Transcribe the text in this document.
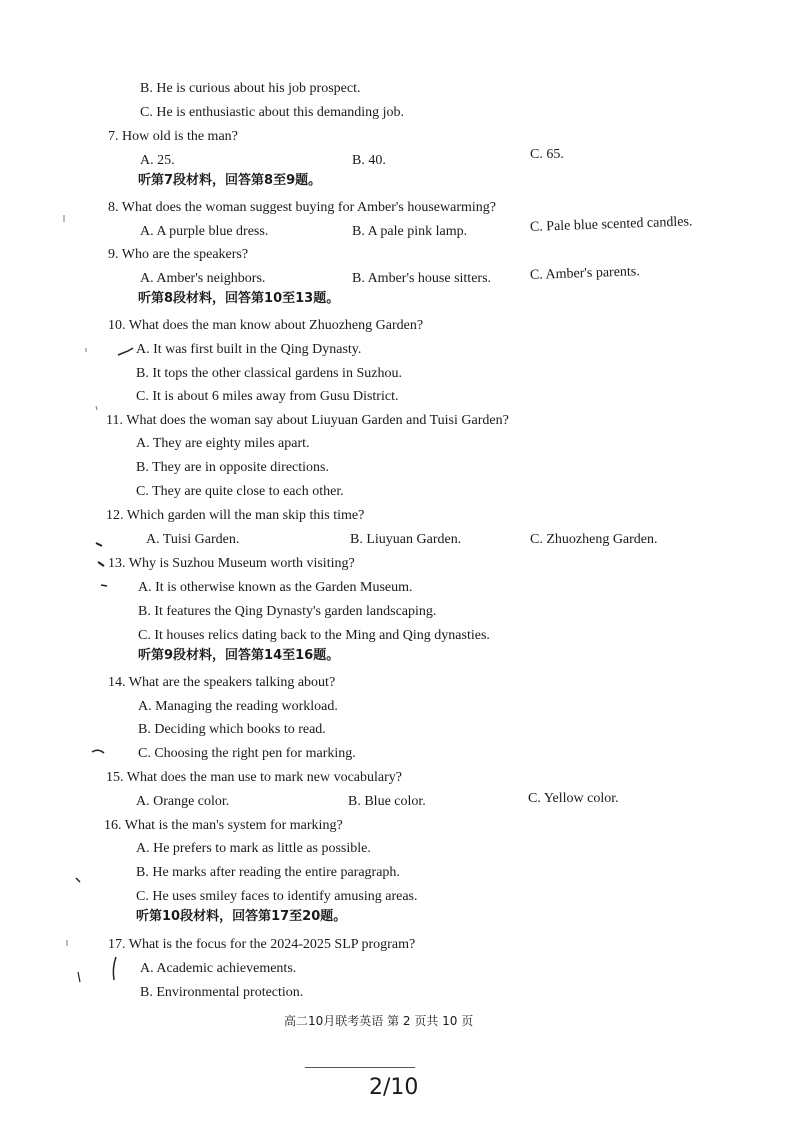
B. He is curious about his job prospect.
C. He is enthusiastic about this demanding job.
7. How old is the man?
A. 25.	B. 40.	C. 65.
听第7段材料，回答第8至9题。
8. What does the woman suggest buying for Amber's housewarming?
A. A purple blue dress.	B. A pale pink lamp.	C. Pale blue scented candles.
9. Who are the speakers?
A. Amber's neighbors.	B. Amber's house sitters.	C. Amber's parents.
听第8段材料，回答第10至13题。
10. What does the man know about Zhuozheng Garden?
A. It was first built in the Qing Dynasty.
B. It tops the other classical gardens in Suzhou.
C. It is about 6 miles away from Gusu District.
11. What does the woman say about Liuyuan Garden and Tuisi Garden?
A. They are eighty miles apart.
B. They are in opposite directions.
C. They are quite close to each other.
12. Which garden will the man skip this time?
A. Tuisi Garden.	B. Liuyuan Garden.	C. Zhuozheng Garden.
13. Why is Suzhou Museum worth visiting?
A. It is otherwise known as the Garden Museum.
B. It features the Qing Dynasty's garden landscaping.
C. It houses relics dating back to the Ming and Qing dynasties.
听第9段材料，回答第14至16题。
14. What are the speakers talking about?
A. Managing the reading workload.
B. Deciding which books to read.
C. Choosing the right pen for marking.
15. What does the man use to mark new vocabulary?
A. Orange color.	B. Blue color.	C. Yellow color.
16. What is the man's system for marking?
A. He prefers to mark as little as possible.
B. He marks after reading the entire paragraph.
C. He uses smiley faces to identify amusing areas.
听第10段材料，回答第17至20题。
17. What is the focus for the 2024-2025 SLP program?
A. Academic achievements.
B. Environmental protection.
高二10月联考英语 第 2 页共 10 页
2/10
